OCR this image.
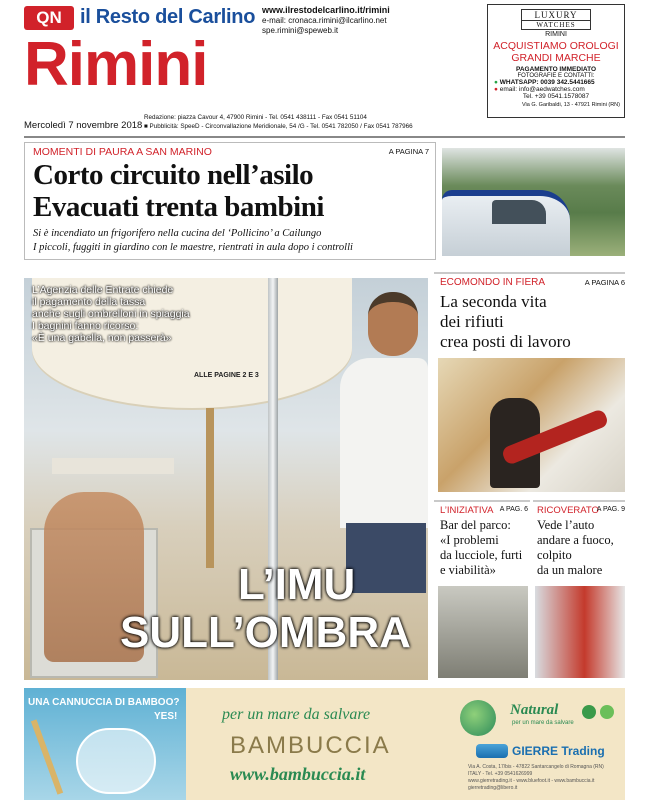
QN il Resto del Carlino
Rimini
www.ilrestodelcarlino.it/rimini
e-mail: cronaca.rimini@ilcarlino.net
spe.rimini@speweb.it
Mercoledì 7 novembre 2018
Redazione: piazza Cavour 4, 47900 Rimini - Tel. 0541 438111 - Fax 0541 51104
■ Pubblicità: SpeeD - Circonvallazione Meridionale, 54 /G - Tel. 0541 782050 / Fax 0541 787966
LUXURY
WATCHES
RIMINI
ACQUISTIAMO OROLOGI
GRANDI MARCHE
PAGAMENTO IMMEDIATO
FOTOGRAFIE E CONTATTI:
● WHATSAPP: 0039 342.5441665
● email: info@aedwatches.com
Tel. +39 0541.1578087
Via G. Garibaldi, 13 - 47921 Rimini (RN)
MOMENTI DI PAURA A SAN MARINO	A PAGINA 7
Corto circuito nell’asilo
Evacuati trenta bambini
Si è incendiato un frigorifero nella cucina del ‘Pollicino’ a Cailungo
I piccoli, fuggiti in giardino con le maestre, rientrati in aula dopo i controlli
L’Agenzia delle Entrate chiede
il pagamento della tassa
anche sugli ombrelloni in spiaggia
I bagnini fanno ricorso:
«È una gabella, non passerà»
ALLE PAGINE 2 E 3
L’IMU
SULL’OMBRA
ECOMONDO IN FIERA	A PAGINA 6
La seconda vita
dei rifiuti
crea posti di lavoro
L’INIZIATIVA A PAG. 6
Bar del parco:
«I problemi
da lucciole, furti
e viabilità»
RICOVERATO
A PAG. 9
Vede l’auto
andare a fuoco,
colpito
da un malore
UNA CANNUCCIA DI BAMBOO?
YES!	per un mare da salvare
BAMBUCCIA
www.bambuccia.it
Natural
per un mare da salvare
GIERRE Trading
Via A. Costa, 17/bis - 47822 Santarcangelo di Romagna (RN)
ITALY - Tel. +39 0541626999
www.gierretrading.it - www.bluefoot.it - www.bambuccia.it
gierretrading@libero.it
